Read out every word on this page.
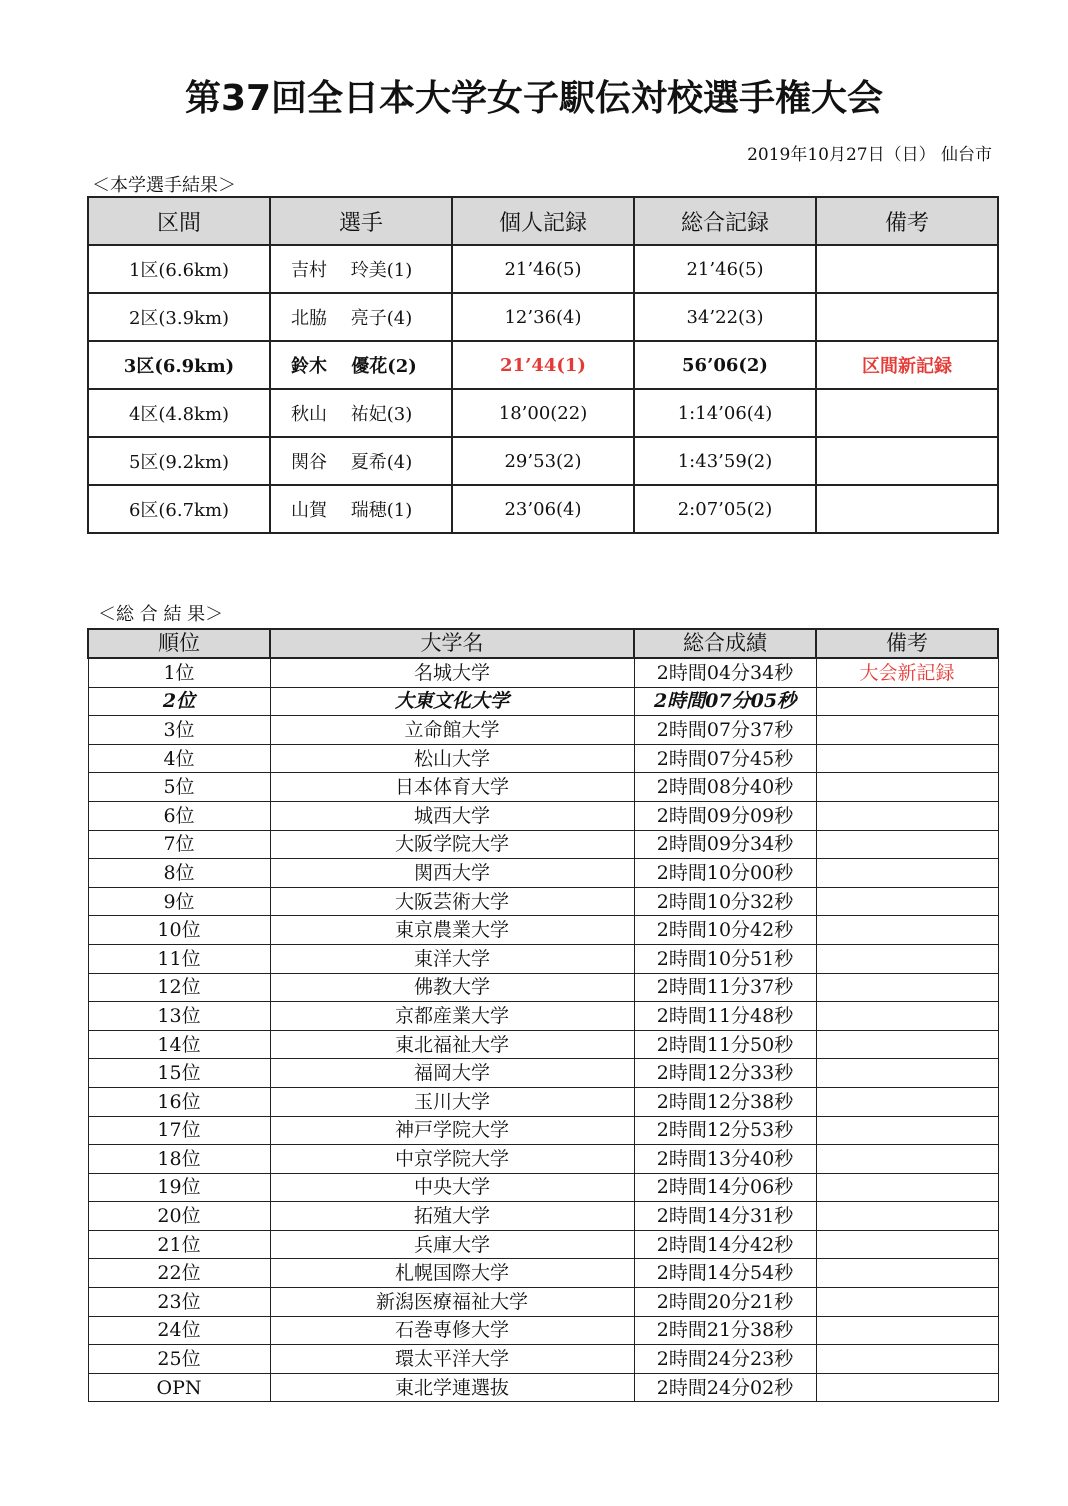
第37回全日本大学女子駅伝対校選手権大会
2019年10月27日（日） 仙台市
＜本学選手結果＞
区間	選手	個人記録	総合記録	備考
1区(6.6km)	吉村　 玲美(1)	21’46(5)	21’46(5)	
2区(3.9km)	北脇　 亮子(4)	12’36(4)	34’22(3)	
3区(6.9km)	鈴木　 優花(2)	21’44(1)	56’06(2)	区間新記録
4区(4.8km)	秋山　 祐妃(3)	18’00(22)	1:14’06(4)	
5区(9.2km)	関谷　 夏希(4)	29’53(2)	1:43’59(2)	
6区(6.7km)	山賀　 瑞穂(1)	23’06(4)	2:07’05(2)	
＜総 合 結 果＞
順位	大学名	総合成績	備考
1位	名城大学	2時間04分34秒	大会新記録
2位	大東文化大学	2時間07分05秒	
3位	立命館大学	2時間07分37秒	
4位	松山大学	2時間07分45秒	
5位	日本体育大学	2時間08分40秒	
6位	城西大学	2時間09分09秒	
7位	大阪学院大学	2時間09分34秒	
8位	関西大学	2時間10分00秒	
9位	大阪芸術大学	2時間10分32秒	
10位	東京農業大学	2時間10分42秒	
11位	東洋大学	2時間10分51秒	
12位	佛教大学	2時間11分37秒	
13位	京都産業大学	2時間11分48秒	
14位	東北福祉大学	2時間11分50秒	
15位	福岡大学	2時間12分33秒	
16位	玉川大学	2時間12分38秒	
17位	神戸学院大学	2時間12分53秒	
18位	中京学院大学	2時間13分40秒	
19位	中央大学	2時間14分06秒	
20位	拓殖大学	2時間14分31秒	
21位	兵庫大学	2時間14分42秒	
22位	札幌国際大学	2時間14分54秒	
23位	新潟医療福祉大学	2時間20分21秒	
24位	石巻専修大学	2時間21分38秒	
25位	環太平洋大学	2時間24分23秒	
OPN	東北学連選抜	2時間24分02秒	
